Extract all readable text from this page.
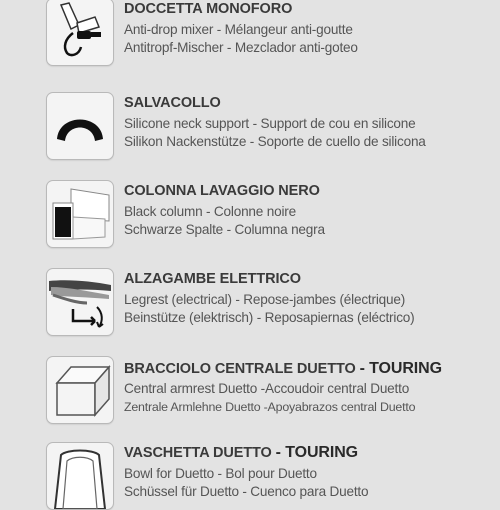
DOCCETTA MONOFORO
Anti-drop mixer - Mélangeur anti-goutte
Antitropf-Mischer - Mezclador anti-goteo
SALVACOLLO
Silicone neck support - Support de cou en silicone
Silikon Nackenstütze - Soporte de cuello de silicona
COLONNA LAVAGGIO NERO
Black column - Colonne noire
Schwarze Spalte - Columna negra
ALZAGAMBE ELETTRICO
Legrest (electrical) - Repose-jambes (électrique)
Beinstütze (elektrisch) - Reposapiernas (eléctrico)
BRACCIOLO CENTRALE DUETTO - TOURING
Central armrest Duetto -Accoudoir central Duetto
Zentrale Armlehne Duetto -Apoyabrazos central Duetto
VASCHETTA DUETTO - TOURING
Bowl for Duetto - Bol pour Duetto
Schüssel für Duetto - Cuenco para Duetto
